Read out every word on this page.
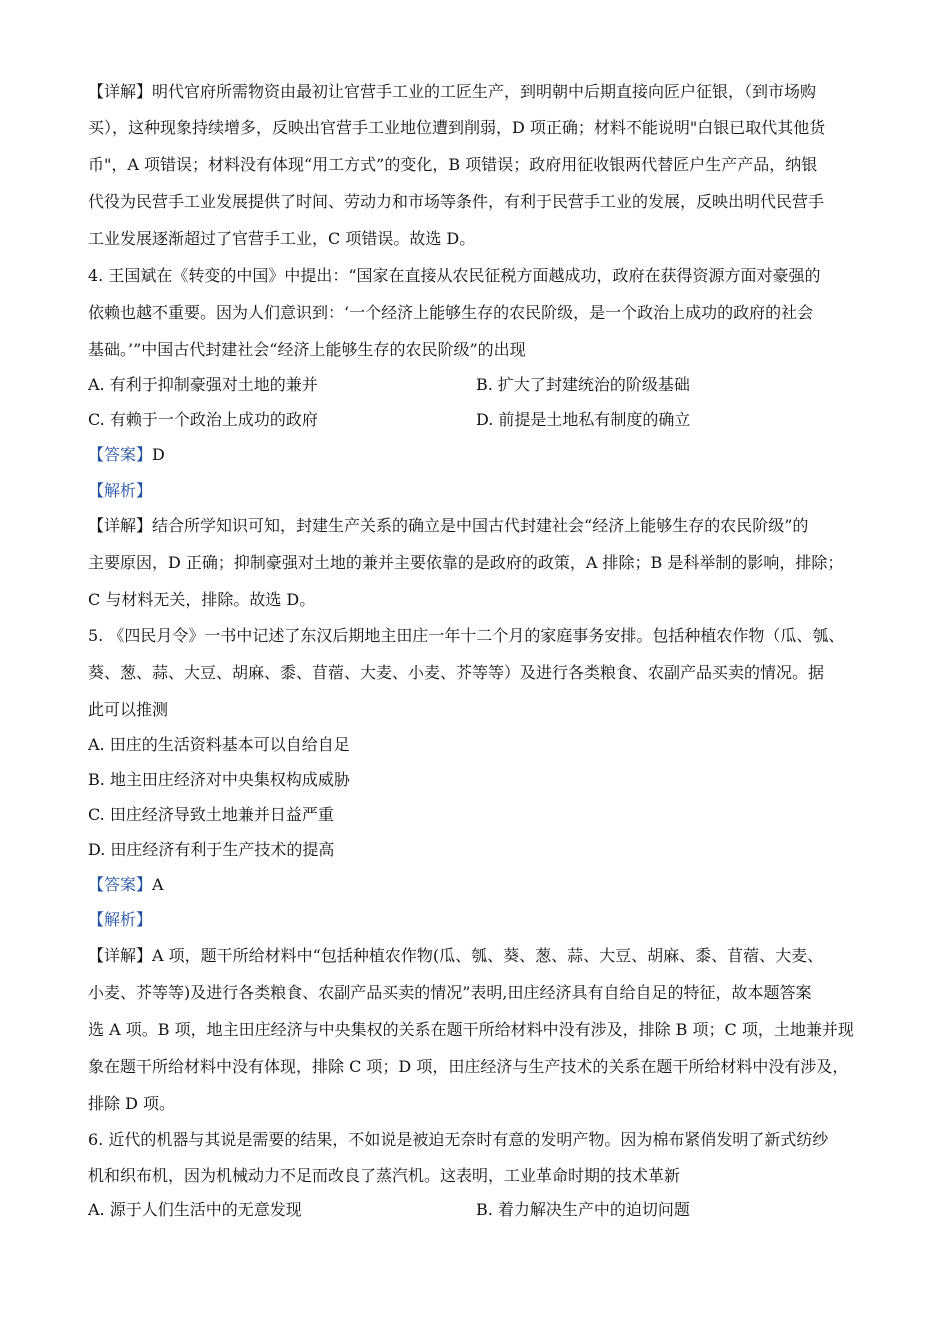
【详解】明代官府所需物资由最初让官营手工业的工匠生产，到明朝中后期直接向匠户征银，（到市场购
买），这种现象持续增多，反映出官营手工业地位遭到削弱，D 项正确；材料不能说明"白银已取代其他货
币"，A 项错误；材料没有体现“用工方式”的变化，B 项错误；政府用征收银两代替匠户生产产品，纳银
代役为民营手工业发展提供了时间、劳动力和市场等条件，有利于民营手工业的发展，反映出明代民营手
工业发展逐渐超过了官营手工业，C 项错误。故选 D。
4. 王国斌在《转变的中国》中提出：“国家在直接从农民征税方面越成功，政府在获得资源方面对豪强的
依赖也越不重要。因为人们意识到：‘一个经济上能够生存的农民阶级，是一个政治上成功的政府的社会
基础。’”中国古代封建社会“经济上能够生存的农民阶级”的出现
A. 有利于抑制豪强对土地的兼并	B. 扩大了封建统治的阶级基础
C. 有赖于一个政治上成功的政府	D. 前提是土地私有制度的确立
【答案】D
【解析】
【详解】结合所学知识可知，封建生产关系的确立是中国古代封建社会“经济上能够生存的农民阶级”的
主要原因，D 正确；抑制豪强对土地的兼并主要依靠的是政府的政策，A 排除；B 是科举制的影响，排除；
C 与材料无关，排除。故选 D。
5. 《四民月令》一书中记述了东汉后期地主田庄一年十二个月的家庭事务安排。包括种植农作物（瓜、瓠、
葵、葱、蒜、大豆、胡麻、黍、苜蓿、大麦、小麦、芥等等）及进行各类粮食、农副产品买卖的情况。据
此可以推测
A. 田庄的生活资料基本可以自给自足
B. 地主田庄经济对中央集权构成威胁
C. 田庄经济导致土地兼并日益严重
D. 田庄经济有利于生产技术的提高
【答案】A
【解析】
【详解】A 项，题干所给材料中“包括种植农作物(瓜、瓠、葵、葱、蒜、大豆、胡麻、黍、苜蓿、大麦、
小麦、芥等等)及进行各类粮食、农副产品买卖的情况”表明,田庄经济具有自给自足的特征，故本题答案
选 A 项。B 项，地主田庄经济与中央集权的关系在题干所给材料中没有涉及，排除 B 项；C 项，土地兼并现
象在题干所给材料中没有体现，排除 C 项；D 项，田庄经济与生产技术的关系在题干所给材料中没有涉及，
排除 D 项。
6. 近代的机器与其说是需要的结果，不如说是被迫无奈时有意的发明产物。因为棉布紧俏发明了新式纺纱
机和织布机，因为机械动力不足而改良了蒸汽机。这表明，工业革命时期的技术革新
A. 源于人们生活中的无意发现	B. 着力解决生产中的迫切问题
